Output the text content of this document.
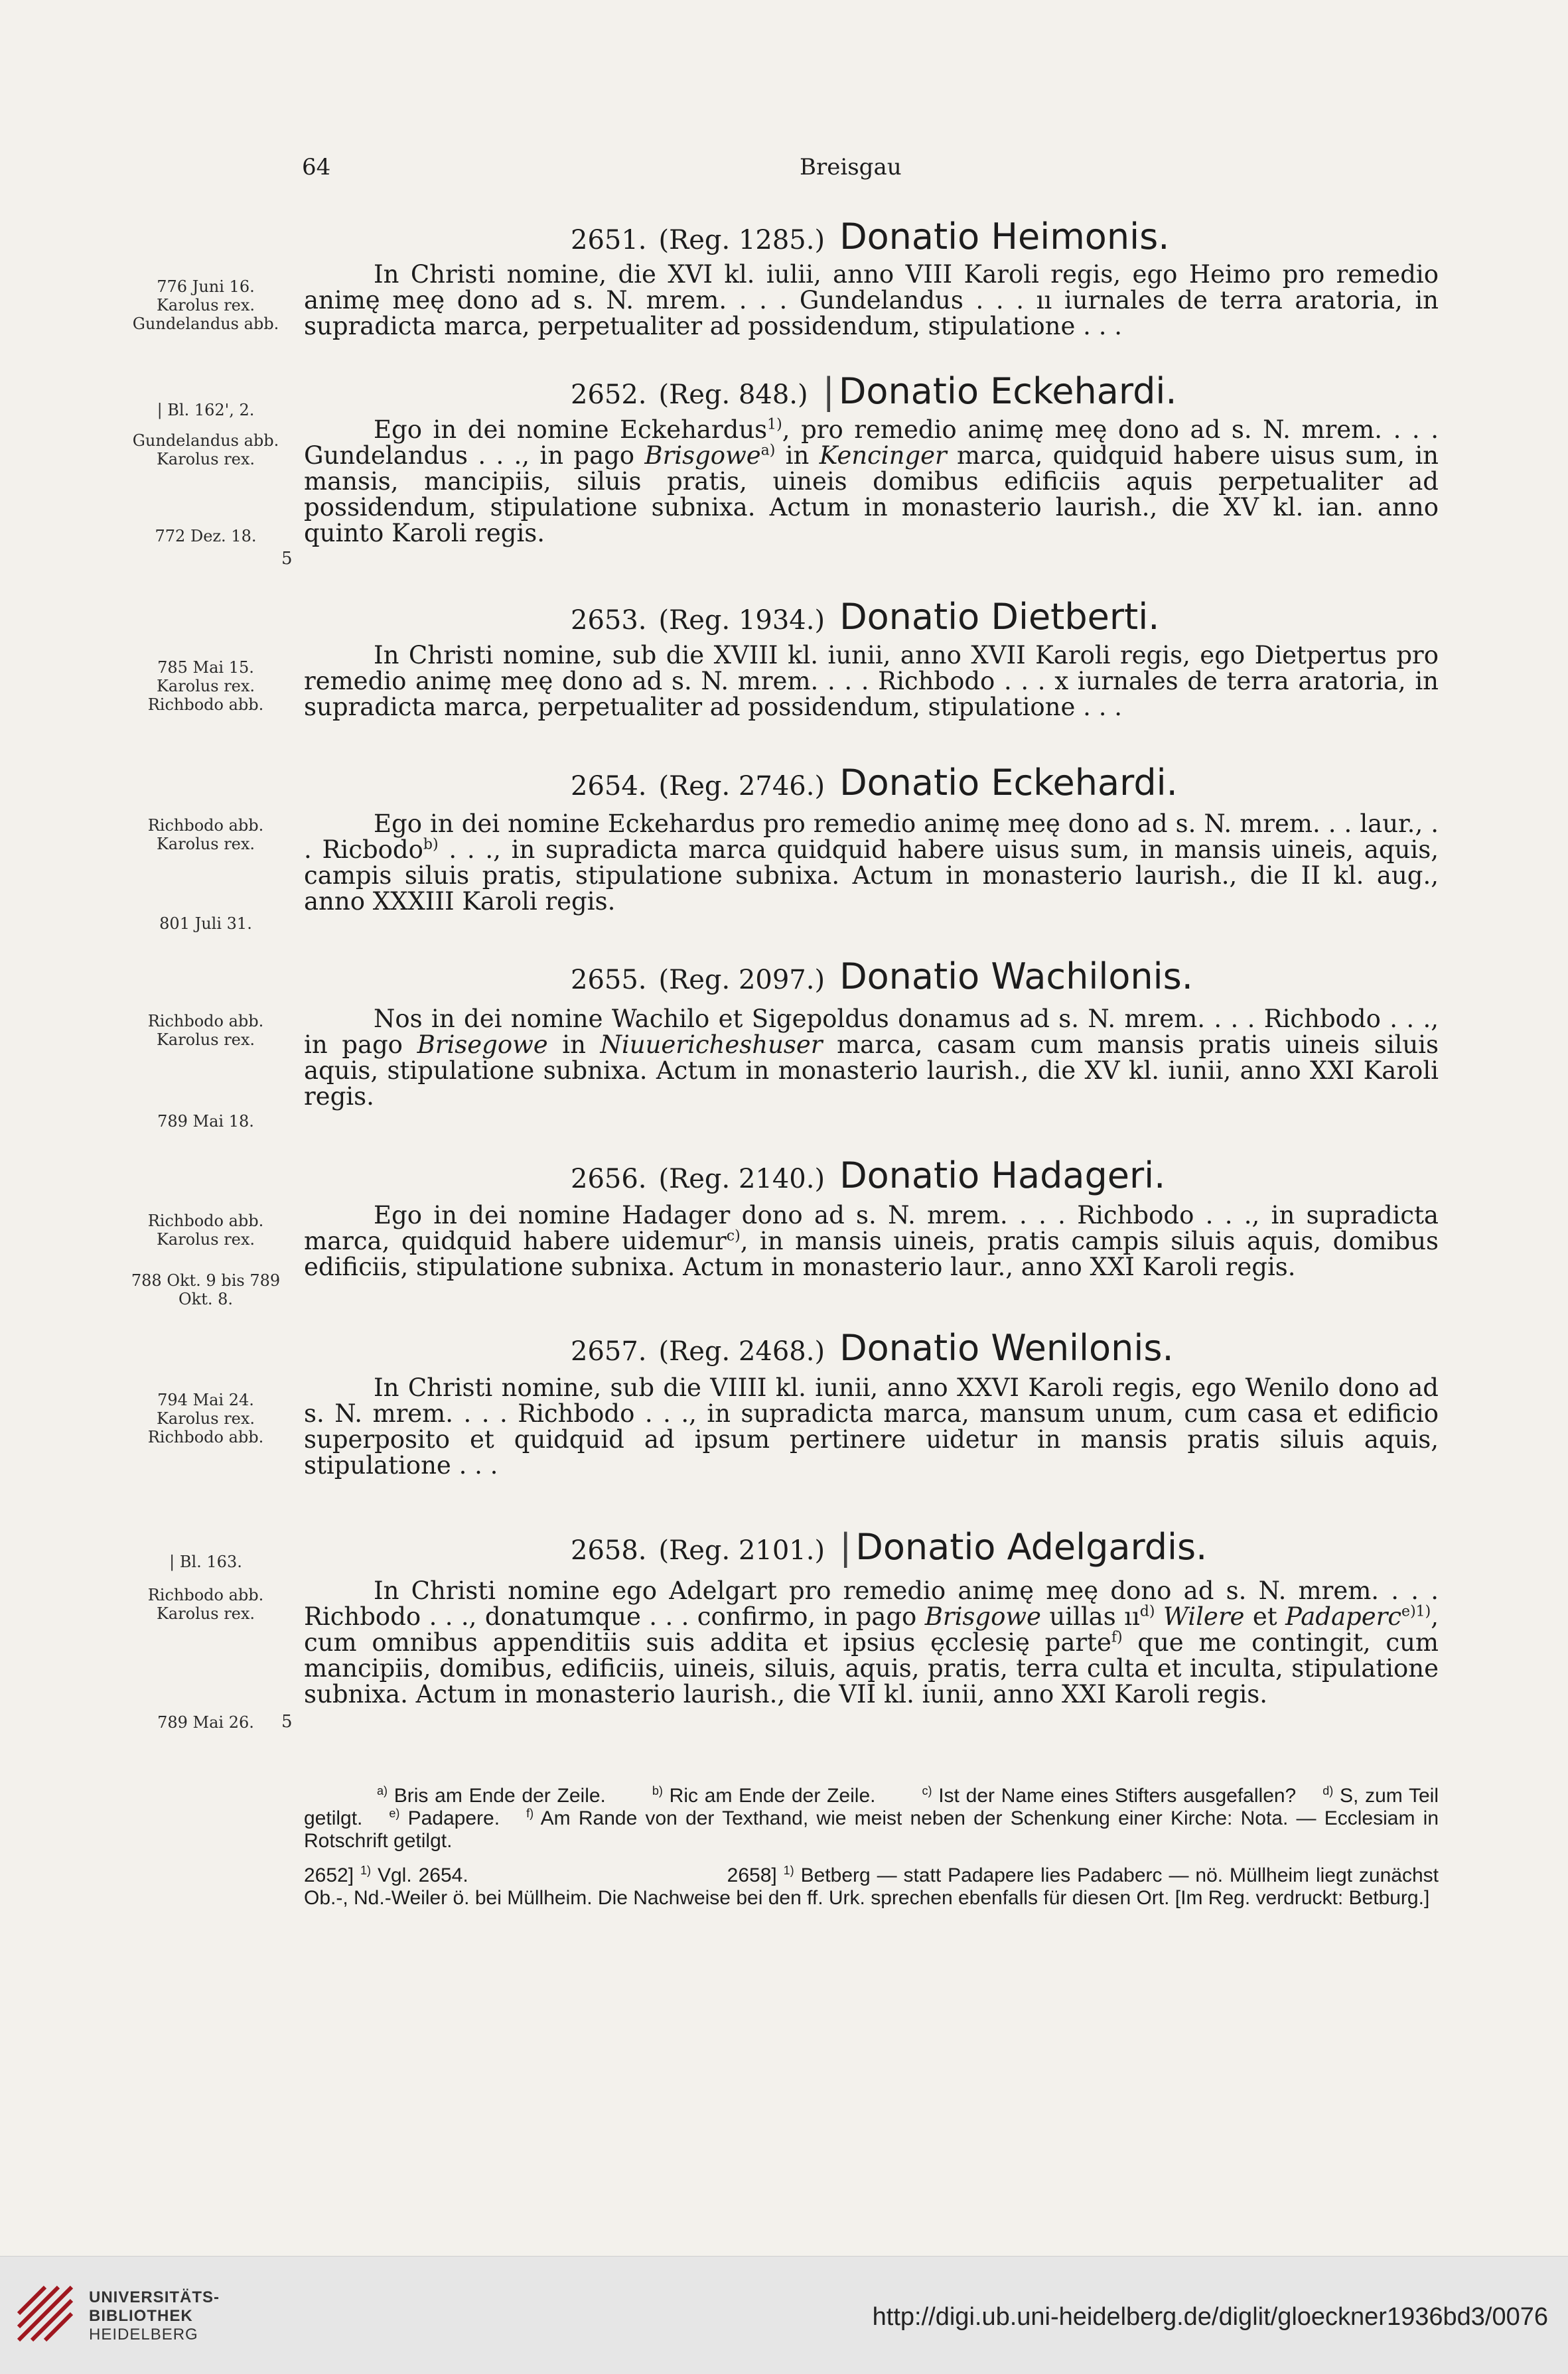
64	Breisgau
2651. (Reg. 1285.) Donatio Heimonis.
776 Juni 16.
Karolus rex.
Gundelandus abb.
In Christi nomine, die XVI kl. iulii, anno VIII Karoli regis, ego Heimo pro remedio animę meę dono ad s. N. mrem. . . . Gundelandus . . . ıı iurnales de terra aratoria, in supradicta marca, perpetualiter ad possidendum, stipulatione . . .
2652. (Reg. 848.) | Donatio Eckehardi.
| Bl. 162', 2.
Gundelandus abb.
Karolus rex.
772 Dez. 18.
5
Ego in dei nomine Eckehardus$^{1)}$, pro remedio animę meę dono ad s. N. mrem. . . . Gundelandus . . ., in pago Brisgowe$^{a)}$ in Kencinger marca, quidquid habere uisus sum, in mansis, mancipiis, siluis pratis, uineis domibus edificiis aquis perpetualiter ad possidendum, stipulatione subnixa. Actum in monasterio laurish., die XV kl. ian. anno quinto Karoli regis.
2653. (Reg. 1934.) Donatio Dietberti.
785 Mai 15.
Karolus rex.
Richbodo abb.
In Christi nomine, sub die XVIII kl. iunii, anno XVII Karoli regis, ego Dietpertus pro remedio animę meę dono ad s. N. mrem. . . . Richbodo . . . x iurnales de terra aratoria, in supradicta marca, perpetualiter ad possidendum, stipulatione . . .
2654. (Reg. 2746.) Donatio Eckehardi.
Richbodo abb.
Karolus rex.
801 Juli 31.
Ego in dei nomine Eckehardus pro remedio animę meę dono ad s. N. mrem. . . laur., . . Ricbodo$^{b)}$ . . ., in supradicta marca quidquid habere uisus sum, in mansis uineis, aquis, campis siluis pratis, stipulatione subnixa. Actum in monasterio laurish., die II kl. aug., anno XXXIII Karoli regis.
2655. (Reg. 2097.) Donatio Wachilonis.
Richbodo abb.
Karolus rex.
789 Mai 18.
Nos in dei nomine Wachilo et Sigepoldus donamus ad s. N. mrem. . . . Richbodo . . ., in pago Brisegowe in Niuuericheshuser marca, casam cum mansis pratis uineis siluis aquis, stipulatione subnixa. Actum in monasterio laurish., die XV kl. iunii, anno XXI Karoli regis.
2656. (Reg. 2140.) Donatio Hadageri.
Richbodo abb.
Karolus rex.
788 Okt. 9 bis 789 Okt. 8.
Ego in dei nomine Hadager dono ad s. N. mrem. . . . Richbodo . . ., in supradicta marca, quidquid habere uidemur$^{c)}$, in mansis uineis, pratis campis siluis aquis, domibus edificiis, stipulatione subnixa. Actum in monasterio laur., anno XXI Karoli regis.
2657. (Reg. 2468.) Donatio Wenilonis.
794 Mai 24.
Karolus rex.
Richbodo abb.
In Christi nomine, sub die VIIII kl. iunii, anno XXVI Karoli regis, ego Wenilo dono ad s. N. mrem. . . . Richbodo . . ., in supradicta marca, mansum unum, cum casa et edificio superposito et quidquid ad ipsum pertinere uidetur in mansis pratis siluis aquis, stipulatione . . .
2658. (Reg. 2101.) | Donatio Adelgardis.
| Bl. 163.
Richbodo abb.
Karolus rex.
789 Mai 26.	5
In Christi nomine ego Adelgart pro remedio animę meę dono ad s. N. mrem. . . . Richbodo . . ., donatumque . . . confirmo, in pago Brisgowe uillas $ıı^{d)}$ Wilere et Padaperc$^{e)1)}$, cum omnibus appenditiis suis addita et ipsius ęcclesię parte$^{f)}$ que me contingit, cum mancipiis, domibus, edificiis, uineis, siluis, aquis, pratis, terra culta et inculta, stipulatione subnixa. Actum in monasterio laurish., die VII kl. iunii, anno XXI Karoli regis.
$^{a)}$ Bris am Ende der Zeile.	$^{b)}$ Ric am Ende der Zeile.	$^{c)}$ Ist der Name eines Stifters ausgefallen? $^{d)}$ S, zum Teil getilgt. $^{e)}$ Padapere. $^{f)}$ Am Rande von der Texthand, wie meist neben der Schenkung einer Kirche: Nota. — Ecclesiam in Rotschrift getilgt.
2652] $^{1)}$ Vgl. 2654.	2658] $^{1)}$ Betberg — statt Padapere lies Padaberc — nö. Müllheim liegt zunächst Ob.-, Nd.-Weiler ö. bei Müllheim. Die Nachweise bei den ff. Urk. sprechen ebenfalls für diesen Ort. [Im Reg. verdruckt: Betburg.]
UNIVERSITÄTS-
BIBLIOTHEK
HEIDELBERG
http://digi.ub.uni-heidelberg.de/diglit/gloeckner1936bd3/0076
